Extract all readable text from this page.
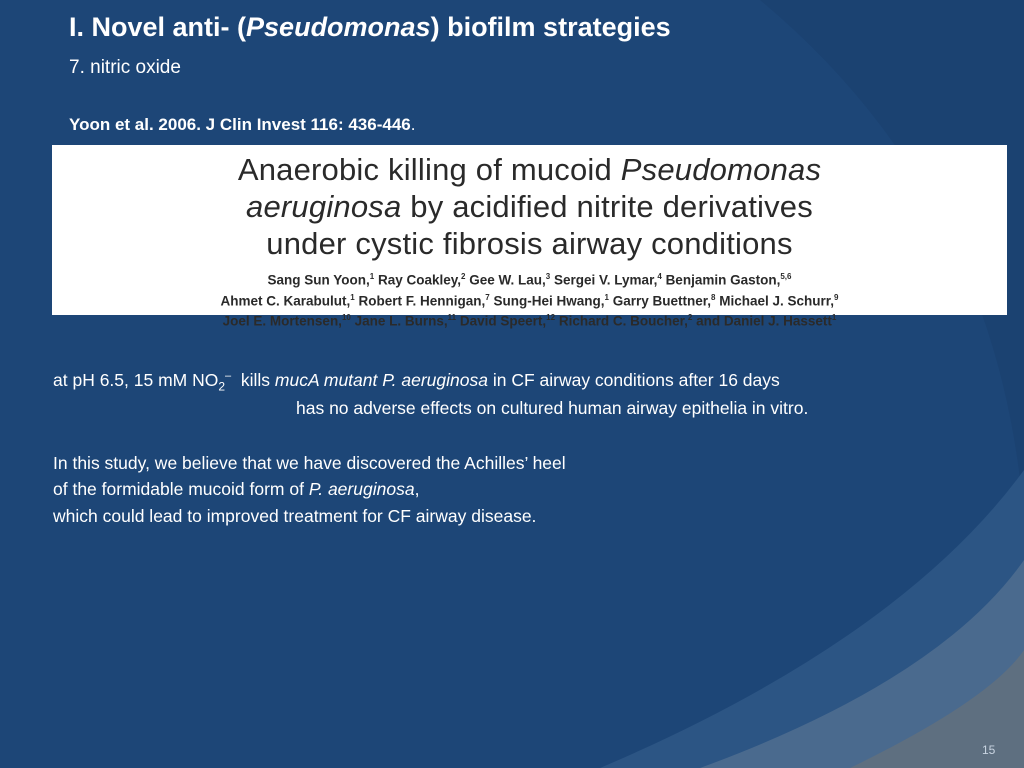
I. Novel anti- (Pseudomonas) biofilm strategies
7. nitric oxide
Yoon et al. 2006. J Clin Invest 116: 436-446.
Anaerobic killing of mucoid Pseudomonas
aeruginosa by acidified nitrite derivatives
under cystic fibrosis airway conditions
Sang Sun Yoon,$^1$ Ray Coakley,$^2$ Gee W. Lau,$^3$ Sergei V. Lymar,$^4$ Benjamin Gaston,$^{5,6}$
Ahmet C. Karabulut,$^1$ Robert F. Hennigan,$^7$ Sung-Hei Hwang,$^1$ Garry Buettner,$^8$ Michael J. Schurr,$^9$
Joel E. Mortensen,$^{10}$ Jane L. Burns,$^{11}$ David Speert,$^{12}$ Richard C. Boucher,$^2$ and Daniel J. Hassett$^1$
at pH 6.5, 15 mM $NO_2^-$ kills mucA mutant P. aeruginosa in CF airway conditions after 16 days
has no adverse effects on cultured human airway epithelia in vitro.
In this study, we believe that we have discovered the Achilles’ heel
of the formidable mucoid form of P. aeruginosa,
which could lead to improved treatment for CF airway disease.
15
